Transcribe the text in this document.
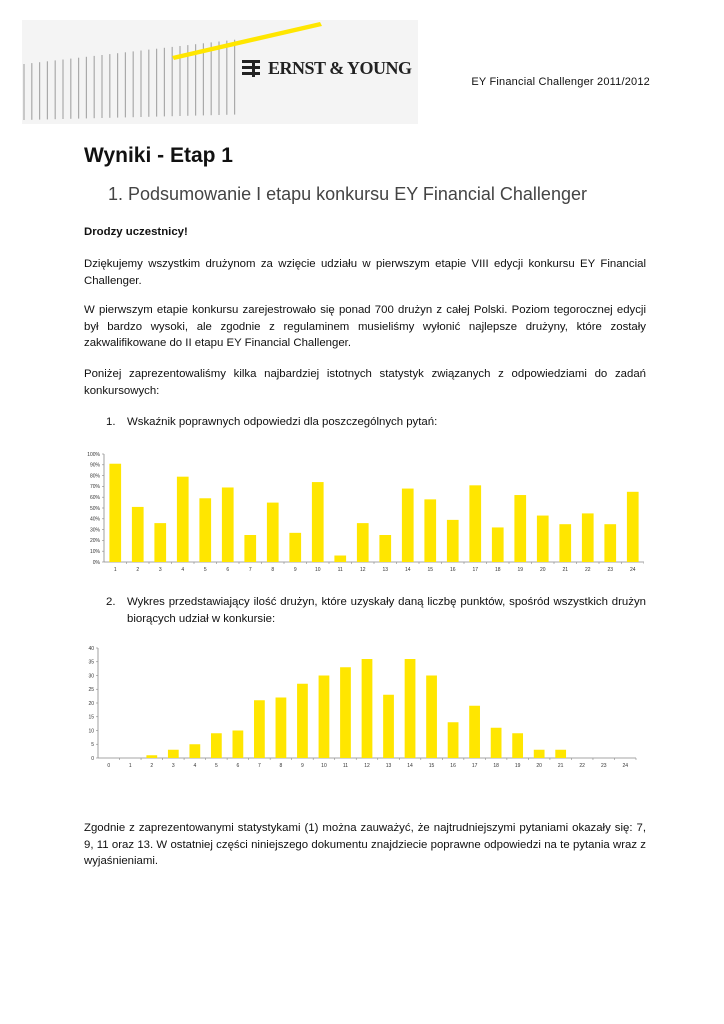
ERNST & YOUNG
EY Financial Challenger 2011/2012
Wyniki - Etap 1
1. Podsumowanie I etapu konkursu EY Financial Challenger

Drodzy uczestnicy!

Dziękujemy wszystkim drużynom za wzięcie udziału w pierwszym etapie VIII edycji konkursu EY Financial Challenger.

W pierwszym etapie konkursu zarejestrowało się ponad 700 drużyn z całej Polski. Poziom tegorocznej edycji był bardzo wysoki, ale zgodnie z regulaminem musieliśmy wyłonić najlepsze drużyny, które zostały zakwalifikowane do II etapu EY Financial Challenger.

Poniżej zaprezentowaliśmy kilka najbardziej istotnych statystyk związanych z odpowiedziami do zadań konkursowych:

1.	Wskaźnik poprawnych odpowiedzi dla poszczególnych pytań:
0%
10%
20%
30%
40%
50%
60%
70%
80%
90%
100%
1	2	3	4	5	6	7	8	9	10	11	12	13	14	15	16	17	18	19	20	21	22	23	24
2.	Wykres przedstawiający ilość drużyn, które uzyskały daną liczbę punktów, spośród wszystkich drużyn biorących udział w konkursie:
0
5
10
15
20
25
30
35
40
0	1	2	3	4	5	6	7	8	9	10	11	12	13	14	15	16	17	18	19	20	21	22	23	24

Zgodnie z zaprezentowanymi statystykami (1) można zauważyć, że najtrudniejszymi pytaniami okazały się: 7, 9, 11 oraz 13. W ostatniej części niniejszego dokumentu znajdziecie poprawne odpowiedzi na te pytania wraz z wyjaśnieniami.
